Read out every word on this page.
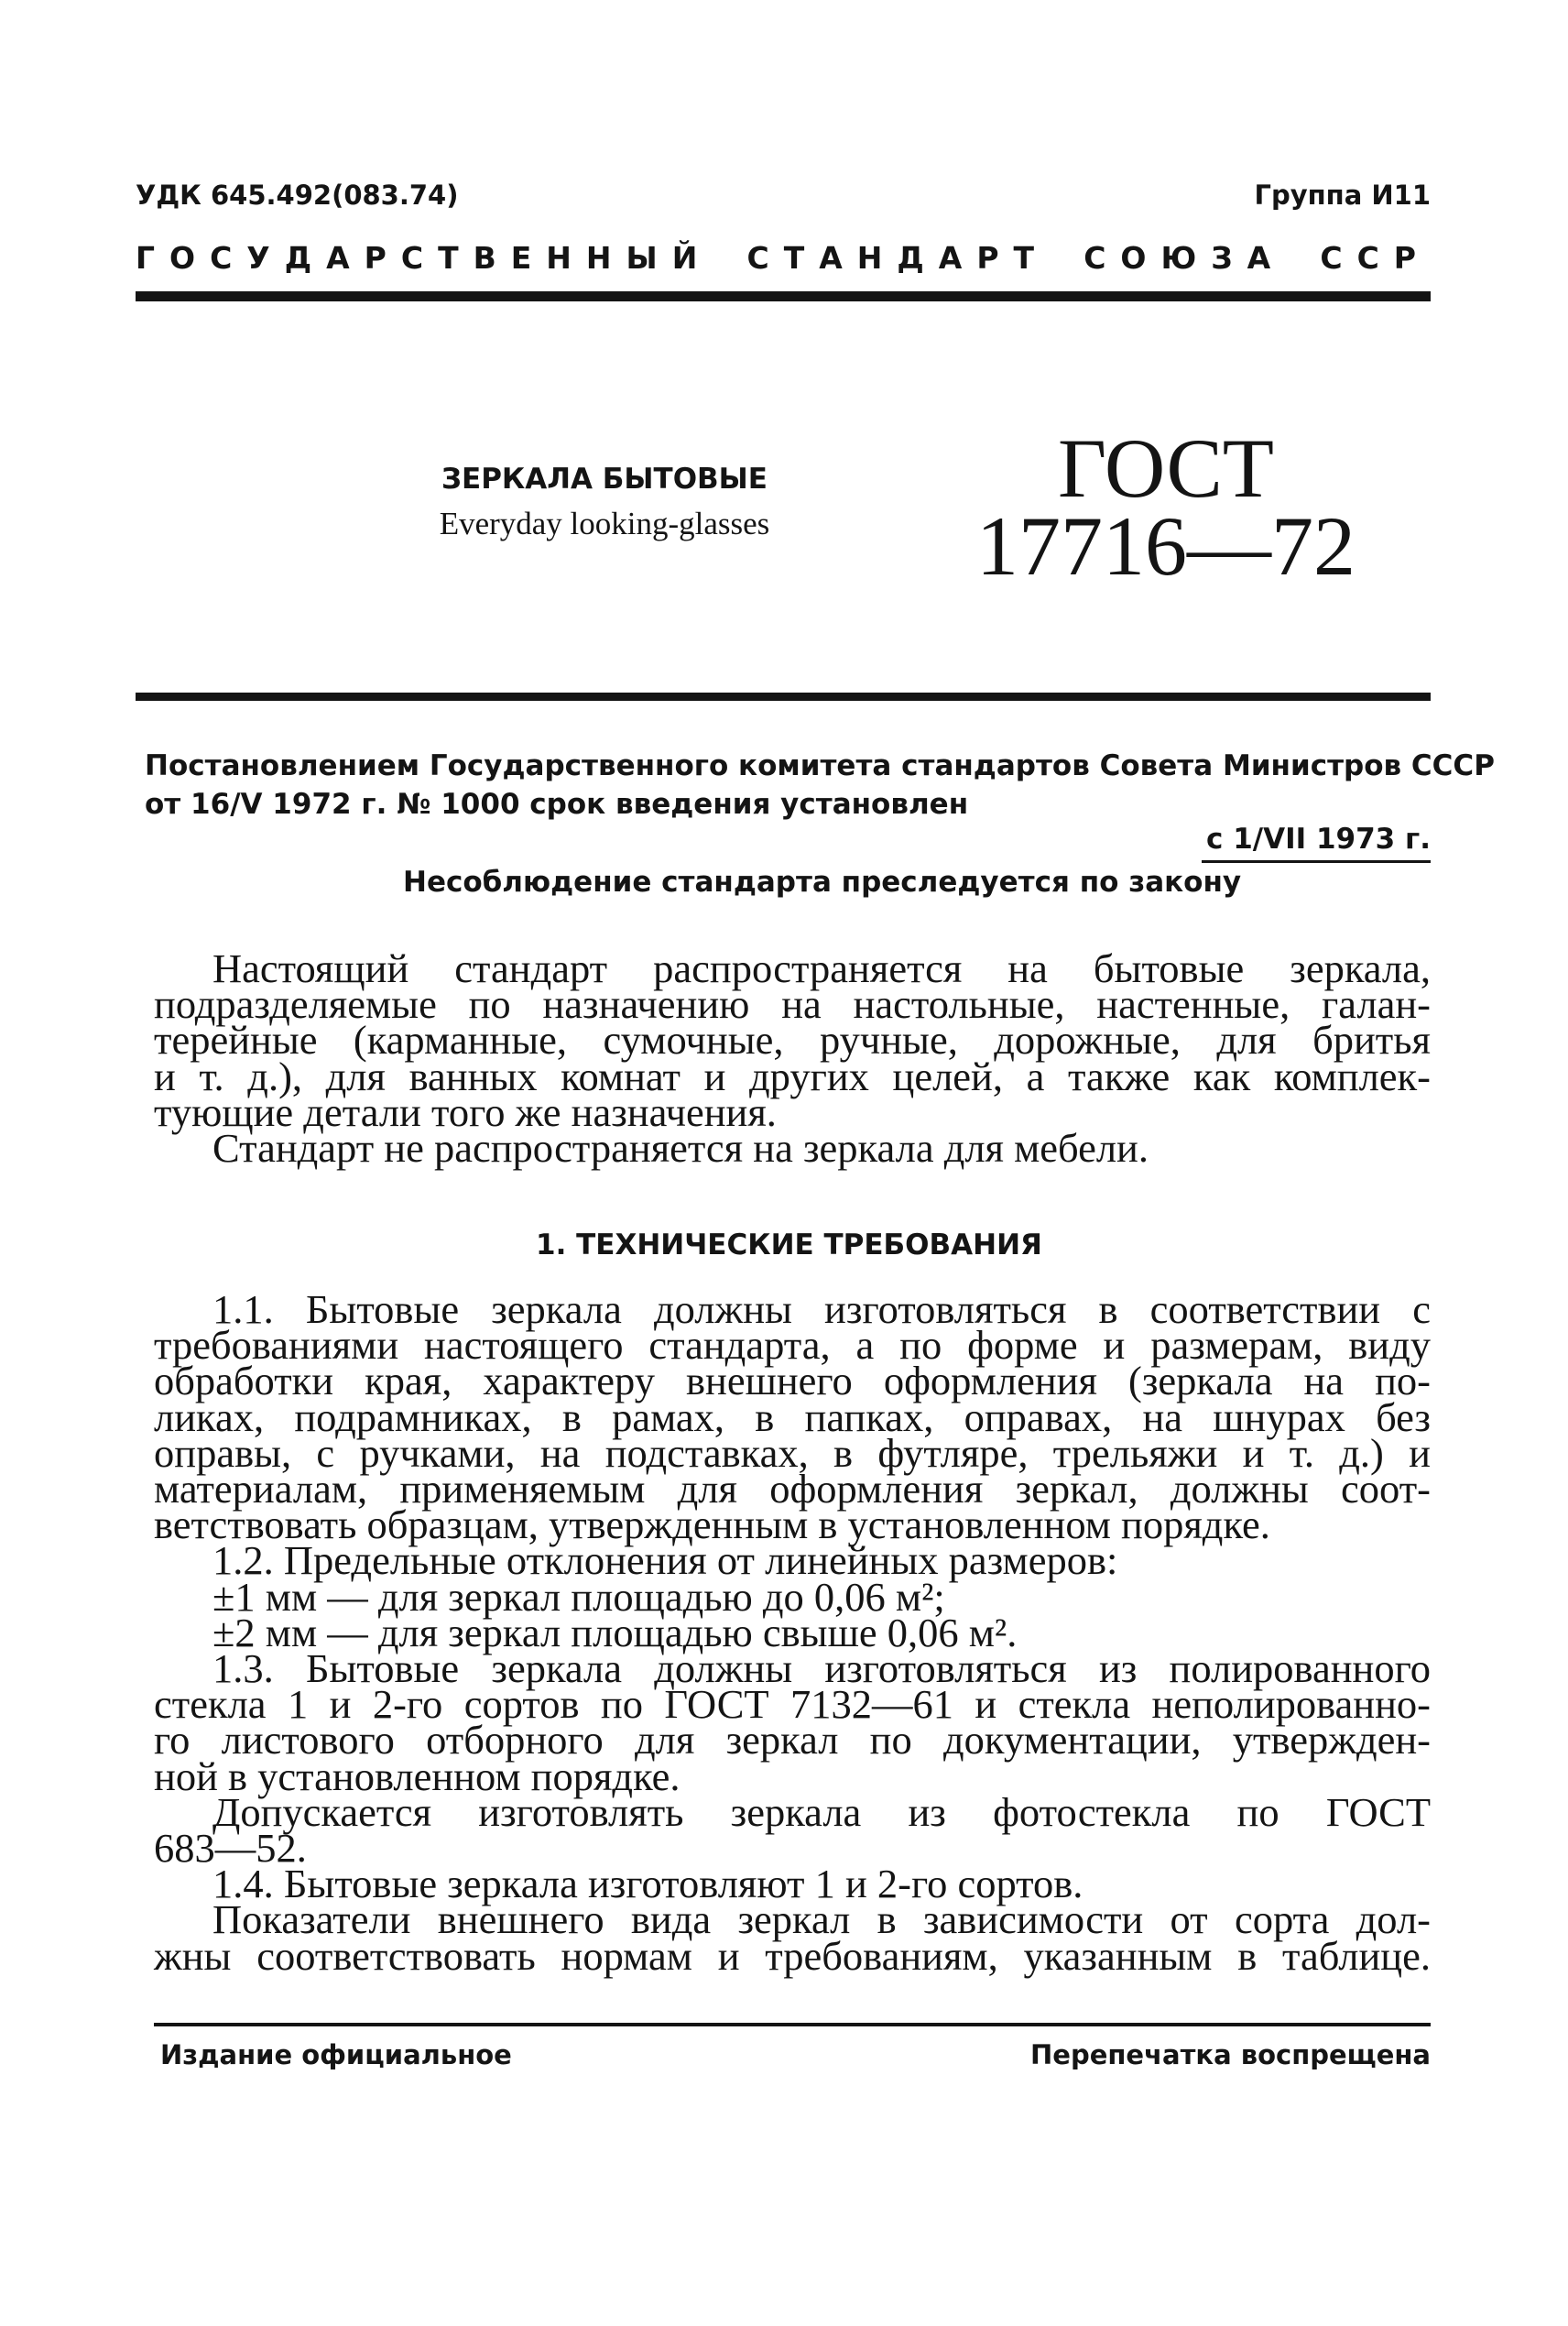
УДК 645.492(083.74)	Группа И11
ГОСУДАРСТВЕННЫЙ СТАНДАРТ СОЮЗА ССР
ЗЕРКАЛА БЫТОВЫЕ
Everyday looking-glasses
ГОСТ
17716—72
Постановлением Государственного комитета стандартов Совета Министров СССР
от 16/V 1972 г. № 1000 срок введения установлен
с 1/VII 1973 г.
Несоблюдение стандарта преследуется по закону

Настоящий стандарт распространяется на бытовые зеркала,

подразделяемые по назначению на настольные, настенные, галан-

терейные (карманные, сумочные, ручные, дорожные, для бритья

и т. д.), для ванных комнат и других целей, а также как комплек-

тующие детали того же назначения.

Стандарт не распространяется на зеркала для мебели.

1. ТЕХНИЧЕСКИЕ ТРЕБОВАНИЯ

1.1. Бытовые зеркала должны изготовляться в соответствии с

требованиями настоящего стандарта, а по форме и размерам, виду

обработки края, характеру внешнего оформления (зеркала на по-

ликах, подрамниках, в рамах, в папках, оправах, на шнурах без

оправы, с ручками, на подставках, в футляре, трельяжи и т. д.) и

материалам, применяемым для оформления зеркал, должны соот-

ветствовать образцам, утвержденным в установленном порядке.

1.2. Предельные отклонения от линейных размеров:

±1 мм — для зеркал площадью до 0,06 м²;

±2 мм — для зеркал площадью свыше 0,06 м².

1.3. Бытовые зеркала должны изготовляться из полированного

стекла 1 и 2-го сортов по ГОСТ 7132—61 и стекла неполированно-

го листового отборного для зеркал по документации, утвержден-

ной в установленном порядке.

Допускается изготовлять зеркала из фотостекла по ГОСТ

683—52.

1.4. Бытовые зеркала изготовляют 1 и 2-го сортов.

Показатели внешнего вида зеркал в зависимости от сорта дол-

жны соответствовать нормам и требованиям, указанным в таблице.

Издание официальное	Перепечатка воспрещена
